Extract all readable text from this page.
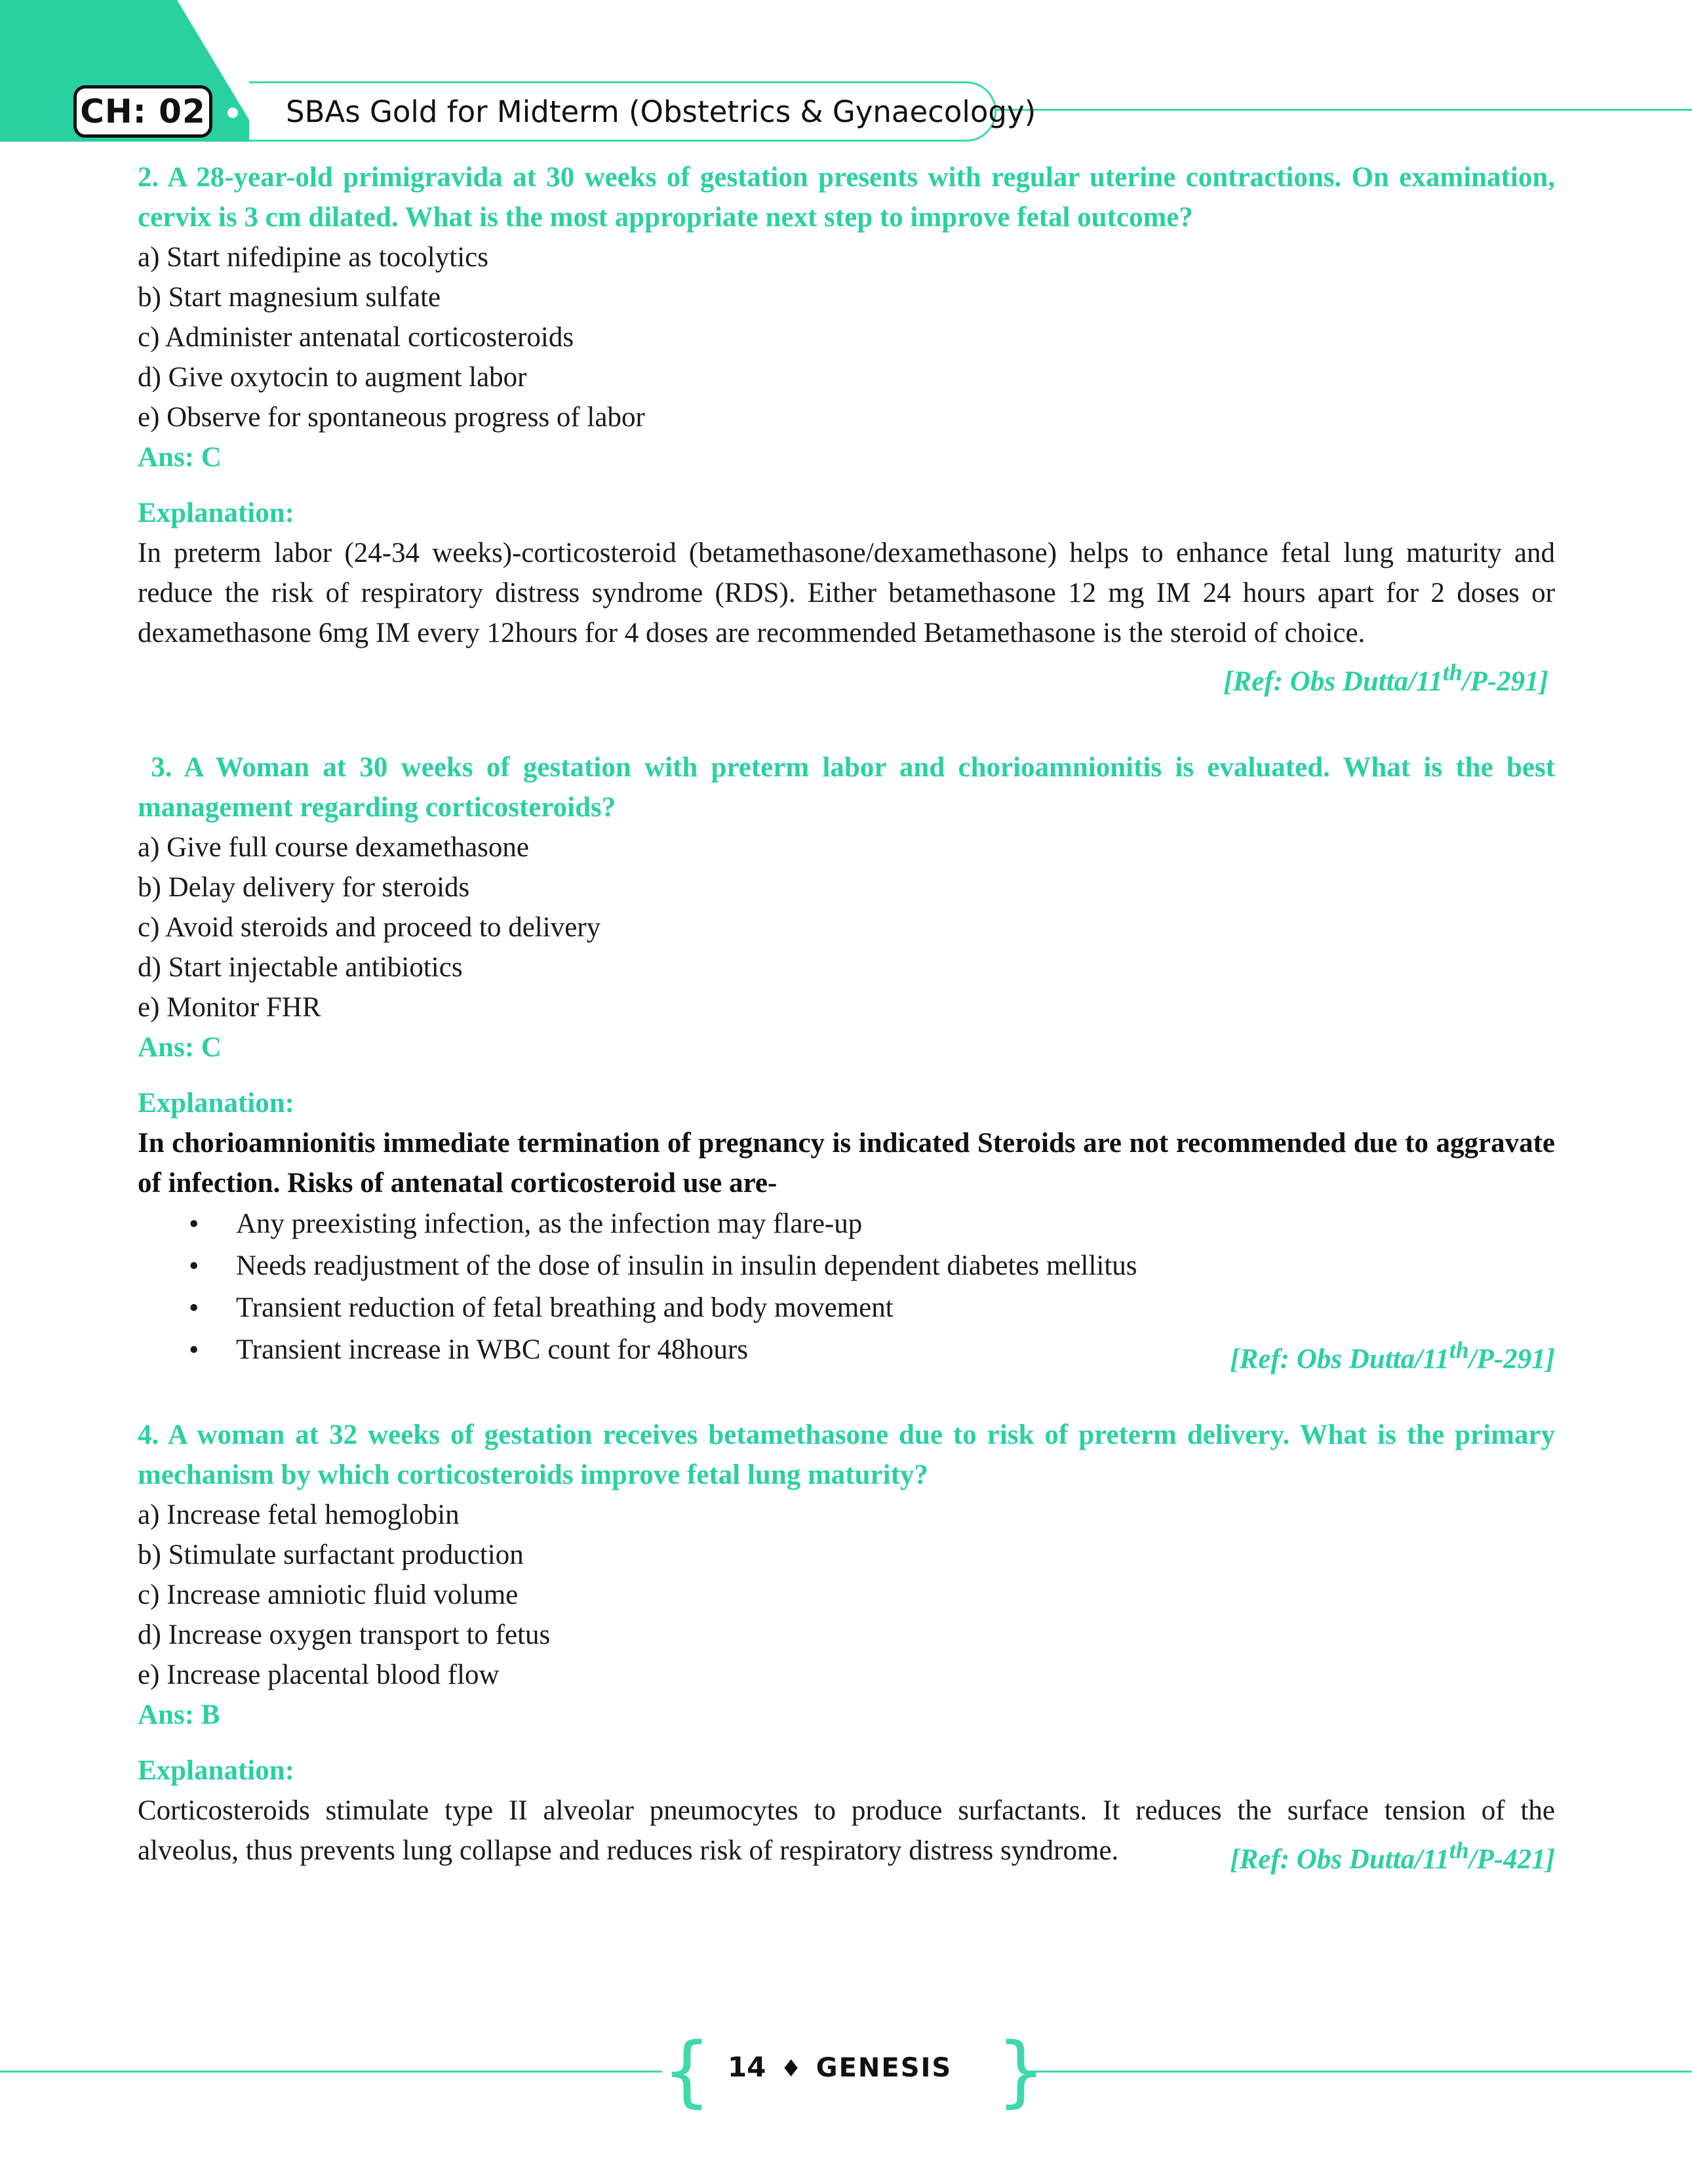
CH: 02	SBAs Gold for Midterm (Obstetrics & Gynaecology)

2. A 28-year-old primigravida at 30 weeks of gestation presents with regular uterine contractions. On examination, cervix is 3 cm dilated. What is the most appropriate next step to improve fetal outcome?

a) Start nifedipine as tocolytics

b) Start magnesium sulfate

c) Administer antenatal corticosteroids

d) Give oxytocin to augment labor

e) Observe for spontaneous progress of labor

Ans: C

Explanation:

In preterm labor (24-34 weeks)-corticosteroid (betamethasone/dexamethasone) helps to enhance fetal lung maturity and reduce the risk of respiratory distress syndrome (RDS). Either betamethasone 12 mg IM 24 hours apart for 2 doses or dexamethasone 6mg IM every 12hours for 4 doses are recommended Betamethasone is the steroid of choice.

[Ref: Obs Dutta/11th/P-291]

3. A Woman at 30 weeks of gestation with preterm labor and chorioamnionitis is evaluated. What is the best management regarding corticosteroids?

a) Give full course dexamethasone

b) Delay delivery for steroids

c) Avoid steroids and proceed to delivery

d) Start injectable antibiotics

e) Monitor FHR

Ans: C

Explanation:

In chorioamnionitis immediate termination of pregnancy is indicated Steroids are not recommended due to aggravate of infection. Risks of antenatal corticosteroid use are-

• Any preexisting infection, as the infection may flare-up
• Needs readjustment of the dose of insulin in insulin dependent diabetes mellitus
• Transient reduction of fetal breathing and body movement
• Transient increase in WBC count for 48hours	[Ref: Obs Dutta/11th/P-291]

4. A woman at 32 weeks of gestation receives betamethasone due to risk of preterm delivery. What is the primary mechanism by which corticosteroids improve fetal lung maturity?

a) Increase fetal hemoglobin

b) Stimulate surfactant production

c) Increase amniotic fluid volume

d) Increase oxygen transport to fetus

e) Increase placental blood flow

Ans: B

Explanation:

Corticosteroids stimulate type II alveolar pneumocytes to produce surfactants. It reduces the surface tension of the

alveolus, thus prevents lung collapse and reduces risk of respiratory distress syndrome.	[Ref: Obs Dutta/11th/P-421]
{	}
14 ♦ GENESIS
